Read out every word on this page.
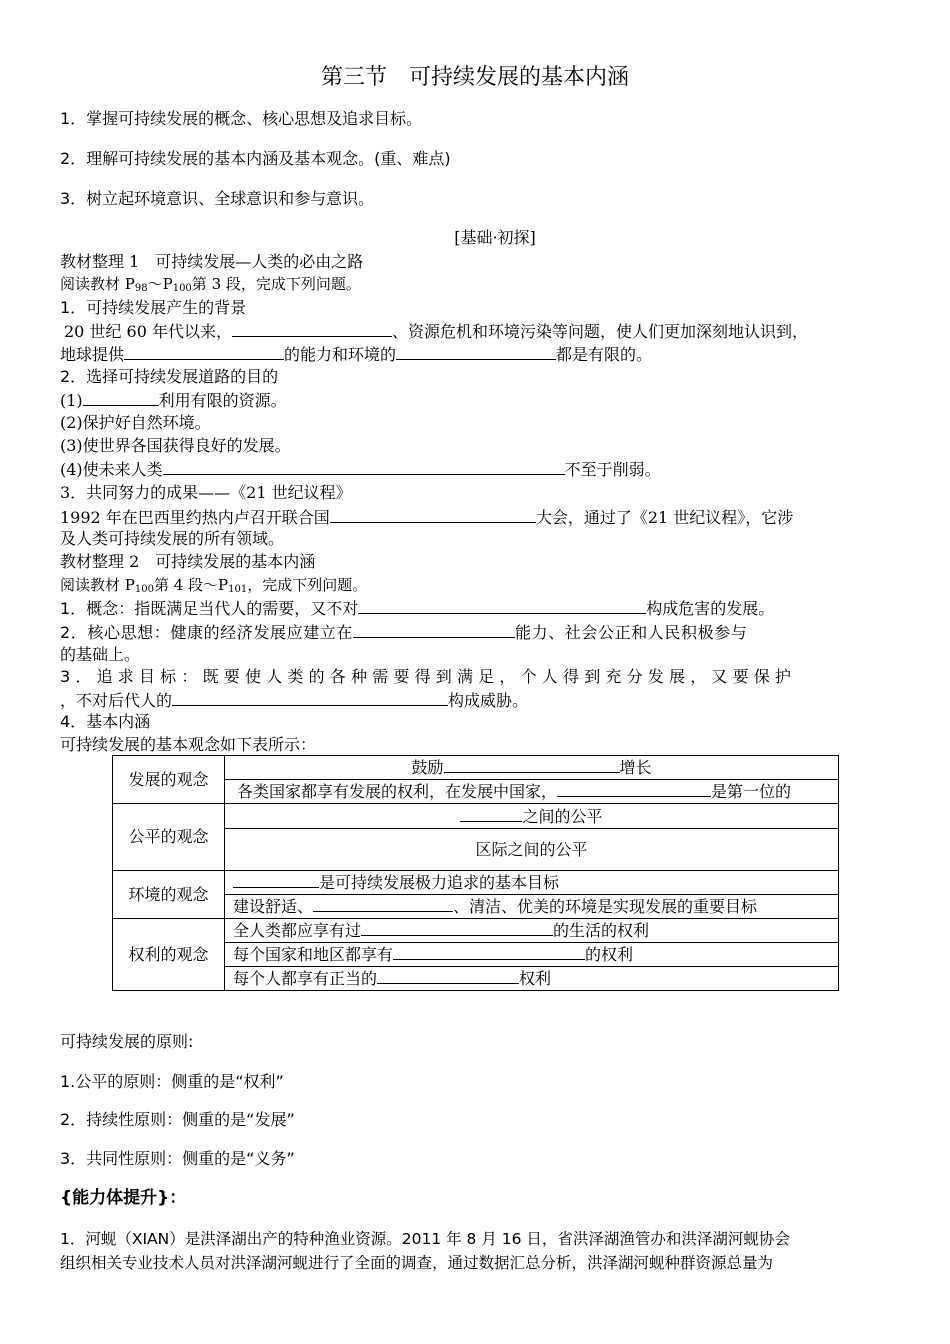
第三节　可持续发展的基本内涵
1．掌握可持续发展的概念、核心思想及追求目标。
2．理解可持续发展的基本内涵及基本观念。(重、难点)
3．树立起环境意识、全球意识和参与意识。
[基础·初探]
教材整理 1　可持续发展—人类的必由之路
阅读教材 $P_{98}\sim P_{100}$第 3 段，完成下列问题。
1．可持续发展产生的背景
20 世纪 60 年代以来，	、资源危机和环境污染等问题，使人们更加深刻地认识到，
地球提供	的能力和环境的	都是有限的。
2．选择可持续发展道路的目的
(1)	利用有限的资源。
(2)保护好自然环境。
(3)使世界各国获得良好的发展。
(4)使未来人类	不至于削弱。
3．共同努力的成果——《21 世纪议程》
1992 年在巴西里约热内卢召开联合国	大会，通过了《21 世纪议程》，它涉
及人类可持续发展的所有领域。
教材整理 2　可持续发展的基本内涵
阅读教材 $P_{100}$第 4 段$\sim P_{101}$，完成下列问题。
1．概念：指既满足当代人的需要，又不对	构成危害的发展。
2．核心思想：健康的经济发展应建立在	能力、社会公正和人民积极参与
的基础上。
3．追求目标：既要使人类的各种需要得到满足，个人得到充分发展，又要保护
，不对后代人的	构成威胁。
4．基本内涵
可持续发展的基本观念如下表所示：
发展的观念	鼓励 增长
	各类国家都享有发展的权利，在发展中国家， 是第一位的
公平的观念	之间的公平
	区际之间的公平
环境的观念	是可持续发展极力追求的基本目标
	建设舒适、 、清洁、优美的环境是实现发展的重要目标
权利的观念	全人类都应享有过 的生活的权利
	每个国家和地区都享有 的权利
	每个人都享有正当的 权利
可持续发展的原则:
1.公平的原则：侧重的是“权利”
2．持续性原则：侧重的是“发展”
3．共同性原则：侧重的是“义务”
{能力体提升}：
1．河蚬（XIAN）是洪泽湖出产的特种渔业资源。2011 年 8 月 16 日，省洪泽湖渔管办和洪泽湖河蚬协会
组织相关专业技术人员对洪泽湖河蚬进行了全面的调查，通过数据汇总分析，洪泽湖河蚬种群资源总量为
